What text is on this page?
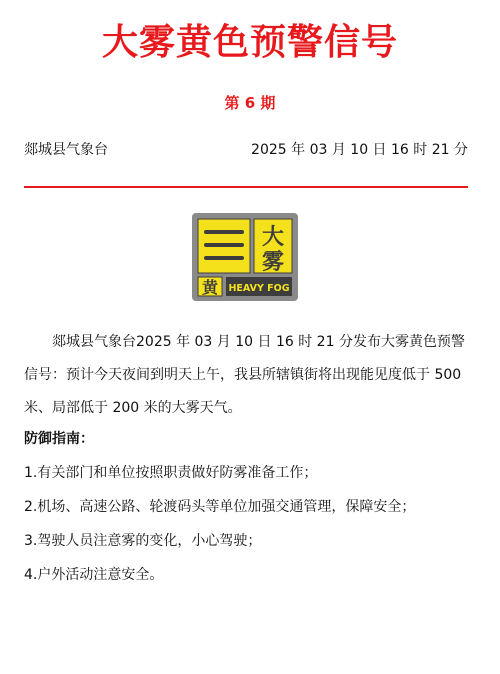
大雾黄色预警信号
第 6 期
郯城县气象台	2025 年 03 月 10 日 16 时 21 分
大
雾
黄 HEAVY FOG

郯城县气象台2025 年 03 月 10 日 16 时 21 分发布大雾黄色预警信号：预计今天夜间到明天上午，我县所辖镇街将出现能见度低于 500 米、局部低于 200 米的大雾天气。

防御指南：
1.有关部门和单位按照职责做好防雾准备工作；
2.机场、高速公路、轮渡码头等单位加强交通管理，保障安全；
3.驾驶人员注意雾的变化，小心驾驶；
4.户外活动注意安全。
